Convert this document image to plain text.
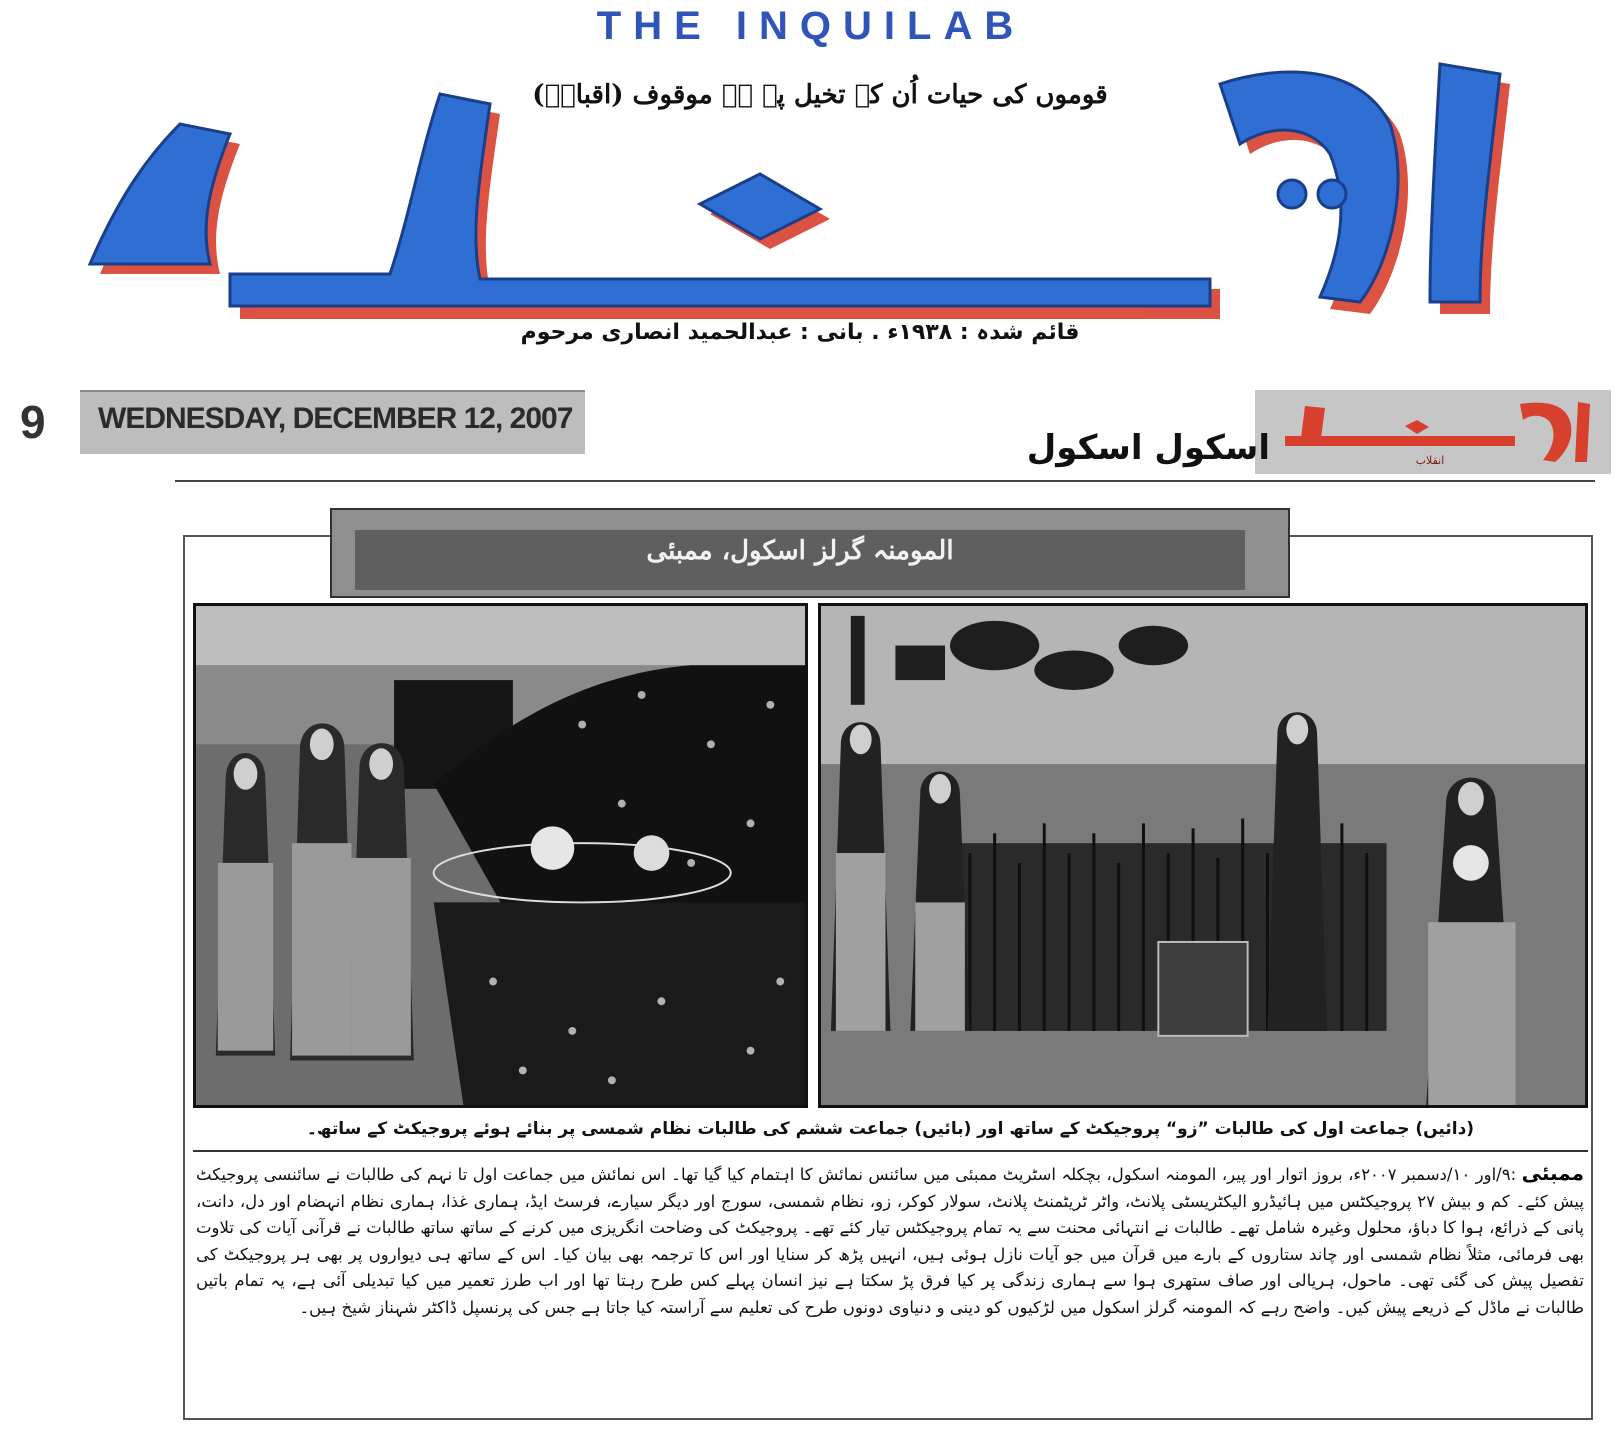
THE INQUILAB
قوموں کی حیات اُن کے تخیل پہ ہے موقوف (اقبالؔ)
قائم شدہ : ۱۹۳۸ء . بانی : عبدالحمید انصاری مرحوم
9 WEDNESDAY, DECEMBER 12, 2007
انقلاب
اسکول اسکول
المومنہ گرلز اسکول، ممبئی
(دائیں) جماعت اول کی طالبات ”زو“ پروجیکٹ کے ساتھ اور (بائیں) جماعت ششم کی طالبات نظام شمسی پر بنائے ہوئے پروجیکٹ کے ساتھ۔
ممبئی :۹/اور ۱۰/دسمبر ۲۰۰۷ء، بروز اتوار اور پیر، المومنہ اسکول، بچکلہ اسٹریٹ ممبئی میں سائنس نمائش کا اہتمام کیا گیا تھا۔ اس نمائش میں جماعت اول تا نہم کی طالبات نے سائنسی پروجیکٹ پیش کئے۔ کم و بیش ۲۷ پروجیکٹس میں ہائیڈرو الیکٹریسٹی پلانٹ، واٹر ٹریٹمنٹ پلانٹ، سولار کوکر، زو، نظام شمسی، سورج اور دیگر سیارے، فرسٹ ایڈ، ہماری غذا، ہماری نظام انہضام اور دل، دانت، پانی کے ذرائع، ہوا کا دباؤ، محلول وغیرہ شامل تھے۔ طالبات نے انتہائی محنت سے یہ تمام پروجیکٹس تیار کئے تھے۔ پروجیکٹ کی وضاحت انگریزی میں کرنے کے ساتھ ساتھ طالبات نے قرآنی آیات کی تلاوت بھی فرمائی، مثلاً نظام شمسی اور چاند ستاروں کے بارے میں قرآن میں جو آیات نازل ہوئی ہیں، انہیں پڑھ کر سنایا اور اس کا ترجمہ بھی بیان کیا۔ اس کے ساتھ ہی دیواروں پر بھی ہر پروجیکٹ کی تفصیل پیش کی گئی تھی۔ ماحول، ہریالی اور صاف ستھری ہوا سے ہماری زندگی پر کیا فرق پڑ سکتا ہے نیز انسان پہلے کس طرح رہتا تھا اور اب طرز تعمیر میں کیا تبدیلی آئی ہے، یہ تمام باتیں طالبات نے ماڈل کے ذریعے پیش کیں۔ واضح رہے کہ المومنہ گرلز اسکول میں لڑکیوں کو دینی و دنیاوی دونوں طرح کی تعلیم سے آراستہ کیا جاتا ہے جس کی پرنسپل ڈاکٹر شہناز شیخ ہیں۔
